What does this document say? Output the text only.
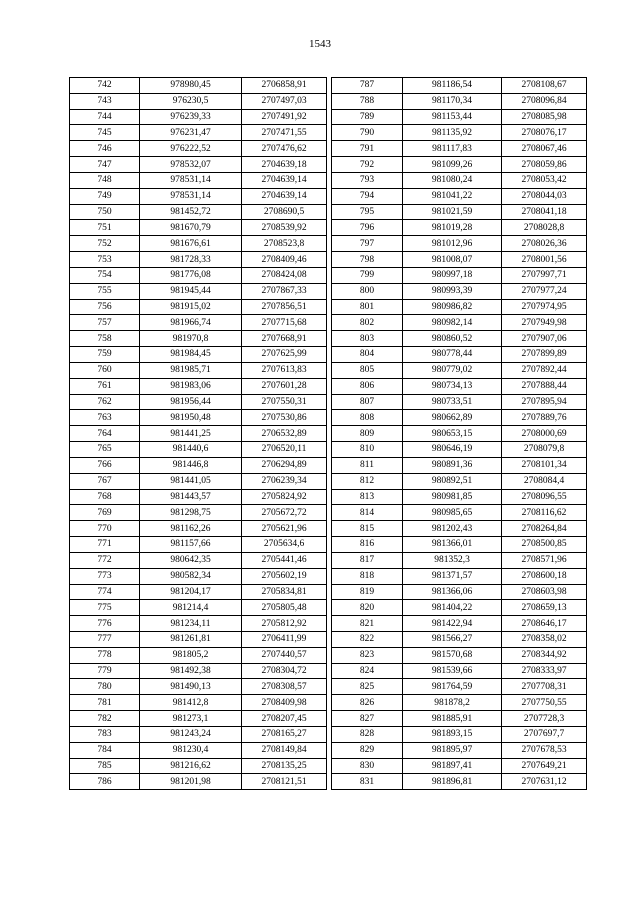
1543
742	978980,45	2706858,91
743	976230,5	2707497,03
744	976239,33	2707491,92
745	976231,47	2707471,55
746	976222,52	2707476,62
747	978532,07	2704639,18
748	978531,14	2704639,14
749	978531,14	2704639,14
750	981452,72	2708690,5
751	981670,79	2708539,92
752	981676,61	2708523,8
753	981728,33	2708409,46
754	981776,08	2708424,08
755	981945,44	2707867,33
756	981915,02	2707856,51
757	981966,74	2707715,68
758	981970,8	2707668,91
759	981984,45	2707625,99
760	981985,71	2707613,83
761	981983,06	2707601,28
762	981956,44	2707550,31
763	981950,48	2707530,86
764	981441,25	2706532,89
765	981440,6	2706520,11
766	981446,8	2706294,89
767	981441,05	2706239,34
768	981443,57	2705824,92
769	981298,75	2705672,72
770	981162,26	2705621,96
771	981157,66	2705634,6
772	980642,35	2705441,46
773	980582,34	2705602,19
774	981204,17	2705834,81
775	981214,4	2705805,48
776	981234,11	2705812,92
777	981261,81	2706411,99
778	981805,2	2707440,57
779	981492,38	2708304,72
780	981490,13	2708308,57
781	981412,8	2708409,98
782	981273,1	2708207,45
783	981243,24	2708165,27
784	981230,4	2708149,84
785	981216,62	2708135,25
786	981201,98	2708121,51
787	981186,54	2708108,67
788	981170,34	2708096,84
789	981153,44	2708085,98
790	981135,92	2708076,17
791	981117,83	2708067,46
792	981099,26	2708059,86
793	981080,24	2708053,42
794	981041,22	2708044,03
795	981021,59	2708041,18
796	981019,28	2708028,8
797	981012,96	2708026,36
798	981008,07	2708001,56
799	980997,18	2707997,71
800	980993,39	2707977,24
801	980986,82	2707974,95
802	980982,14	2707949,98
803	980860,52	2707907,06
804	980778,44	2707899,89
805	980779,02	2707892,44
806	980734,13	2707888,44
807	980733,51	2707895,94
808	980662,89	2707889,76
809	980653,15	2708000,69
810	980646,19	2708079,8
811	980891,36	2708101,34
812	980892,51	2708084,4
813	980981,85	2708096,55
814	980985,65	2708116,62
815	981202,43	2708264,84
816	981366,01	2708500,85
817	981352,3	2708571,96
818	981371,57	2708600,18
819	981366,06	2708603,98
820	981404,22	2708659,13
821	981422,94	2708646,17
822	981566,27	2708358,02
823	981570,68	2708344,92
824	981539,66	2708333,97
825	981764,59	2707708,31
826	981878,2	2707750,55
827	981885,91	2707728,3
828	981893,15	2707697,7
829	981895,97	2707678,53
830	981897,41	2707649,21
831	981896,81	2707631,12
